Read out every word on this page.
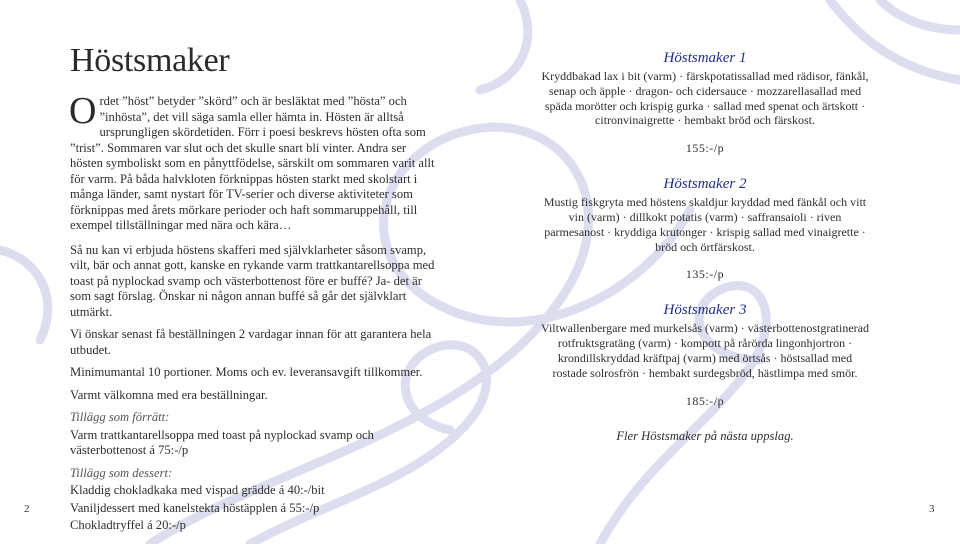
Höstsmaker

Ordet ”höst” betyder ”skörd” och är besläktat med ”hösta” och ”inhösta”, det vill säga samla eller hämta in. Hösten är alltså ursprungligen skördetiden. Förr i poesi beskrevs hösten ofta som ”trist”. Sommaren var slut och det skulle snart bli vinter. Andra ser hösten symboliskt som en pånyttfödelse, särskilt om sommaren varit allt för varm. På båda halvkloten förknippas hösten starkt med skolstart i många länder, samt nystart för TV-serier och diverse aktiviteter som förknippas med årets mörkare perioder och haft sommaruppehåll, till exempel tillställningar med nära och kära…

Så nu kan vi erbjuda höstens skafferi med självklarheter såsom svamp, vilt, bär och annat gott, kanske en rykande varm trattkantarellsoppa med toast på nyplockad svamp och västerbottenost före er buffé? Ja- det är som sagt förslag. Önskar ni någon annan buffé så går det självklart utmärkt.

Vi önskar senast få beställningen 2 vardagar innan för att garantera hela utbudet.

Minimumantal 10 portioner. Moms och ev. leveransavgift tillkommer.

Varmt välkomna med era beställningar.

Tillägg som förrätt:

Varm trattkantarellsoppa med toast på nyplockad svamp och västerbottenost á 75:-/p

Tillägg som dessert:

Kladdig chokladkaka med vispad grädde á 40:-/bit

Vaniljdessert med kanelstekta höstäpplen á 55:-/p

Chokladtryffel á 20:-/p

Höstsmaker 1

Kryddbakad lax i bit (varm) · färskpotatissallad med rädisor, fänkål, senap och äpple · dragon- och cidersauce · mozzarellasallad med späda morötter och krispig gurka · sallad med spenat och ärtskott · citronvinaigrette · hembakt bröd och färskost.

155:-/p

Höstsmaker 2

Mustig fiskgryta med höstens skaldjur kryddad med fänkål och vitt vin (varm) · dillkokt potatis (varm) · saffransaioli · riven parmesanost · kryddiga krutonger · krispig sallad med vinaigrette · bröd och örtfärskost.

135:-/p

Höstsmaker 3

Viltwallenbergare med murkelsås (varm) · västerbottenostgratinerad rotfruktsgratäng (varm) · kompott på rårörda lingonhjortron · krondillskryddad kräftpaj (varm) med örtsås · höstsallad med rostade solrosfrön · hembakt surdegsbröd, hästlimpa med smör.

185:-/p

Fler Höstsmaker på nästa uppslag.

2	3
